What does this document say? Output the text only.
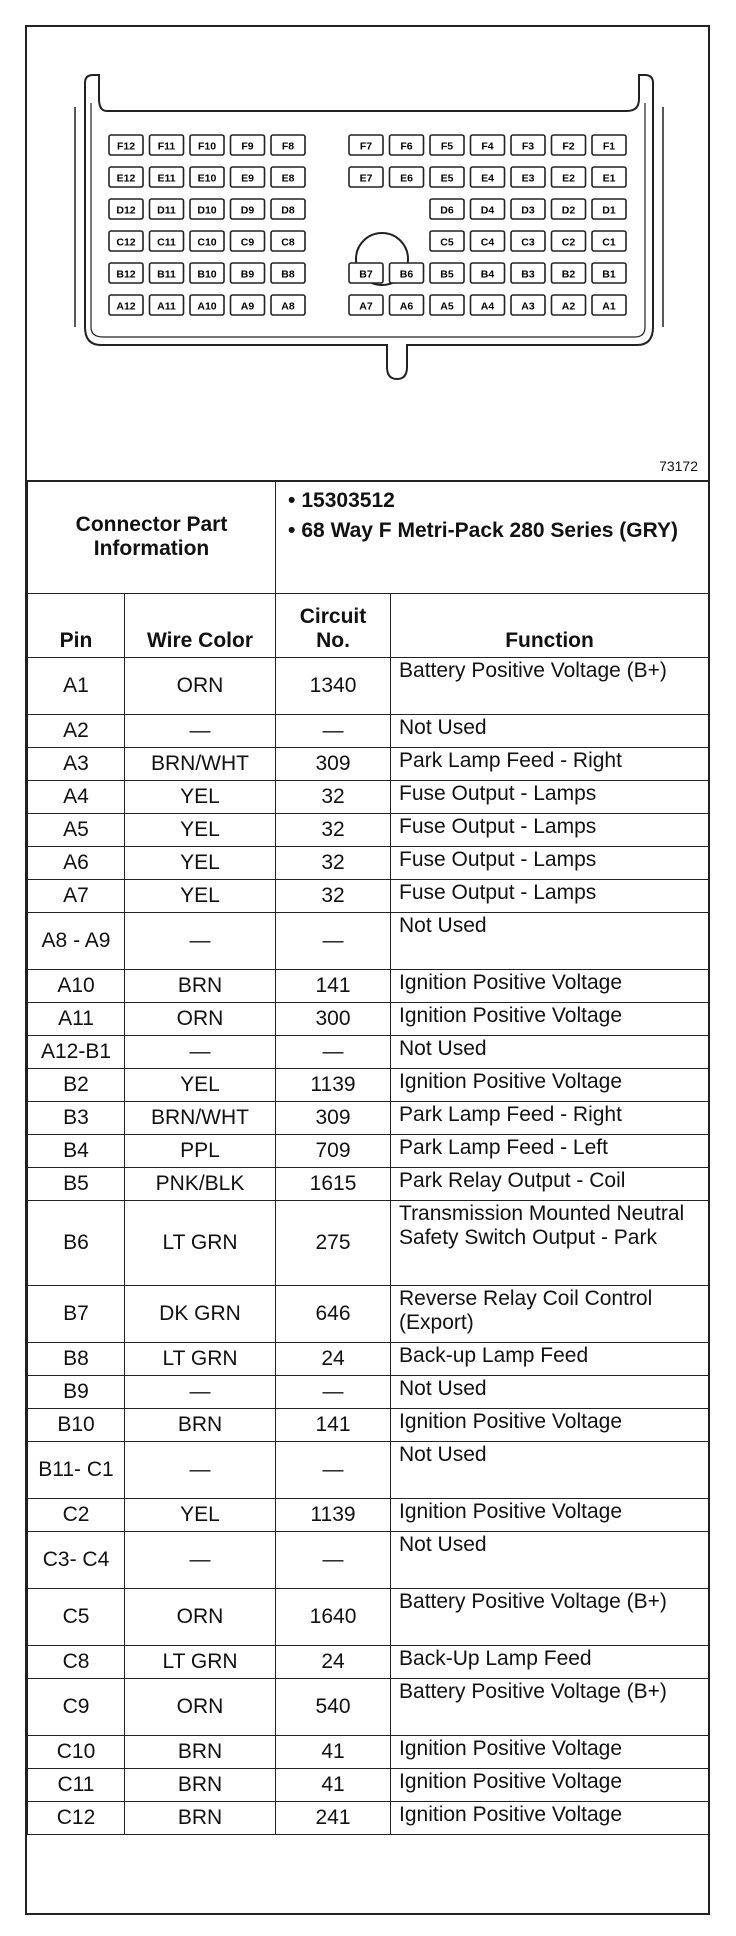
F12 F11 F10 F9	F8	F7	F6	F5	F4	F3	F2	F1
E12 E11 E10 E9	E8	E7	E6	E5	E4	E3	E2	E1
D12 D11 D10 D9	D8	D6	D4	D3	D2	D1
C12 C11 C10 C9	C8	C5	C4	C3	C2	C1
B12 B11 B10 B9	B8	B7	B6	B5	B4	B3	B2	B1
A12 A11 A10 A9	A8	A7	A6	A5	A4	A3	A2	A1
73172
Connector Part Information		• 15303512
• 68 Way F Metri-Pack 280 Series (GRY)	

Pin	Wire Color	Circuit No.	Function
A1	ORN	1340	Battery Positive Voltage (B+)
A2	—	—	Not Used
A3	BRN/WHT	309	Park Lamp Feed - Right
A4	YEL	32	Fuse Output - Lamps
A5	YEL	32	Fuse Output - Lamps
A6	YEL	32	Fuse Output - Lamps
A7	YEL	32	Fuse Output - Lamps
A8 - A9	—	—	Not Used
A10	BRN	141	Ignition Positive Voltage
A11	ORN	300	Ignition Positive Voltage
A12-B1	—	—	Not Used
B2	YEL	1139	Ignition Positive Voltage
B3	BRN/WHT	309	Park Lamp Feed - Right
B4	PPL	709	Park Lamp Feed - Left
B5	PNK/BLK	1615	Park Relay Output - Coil
B6	LT GRN	275	Transmission Mounted Neutral Safety Switch Output - Park
B7	DK GRN	646	Reverse Relay Coil Control (Export)
B8	LT GRN	24	Back-up Lamp Feed
B9	—	—	Not Used
B10	BRN	141	Ignition Positive Voltage
B11- C1	—	—	Not Used
C2	YEL	1139	Ignition Positive Voltage
C3- C4	—	—	Not Used
C5	ORN	1640	Battery Positive Voltage (B+)
C8	LT GRN	24	Back-Up Lamp Feed
C9	ORN	540	Battery Positive Voltage (B+)
C10	BRN	41	Ignition Positive Voltage
C11	BRN	41	Ignition Positive Voltage
C12	BRN	241	Ignition Positive Voltage
